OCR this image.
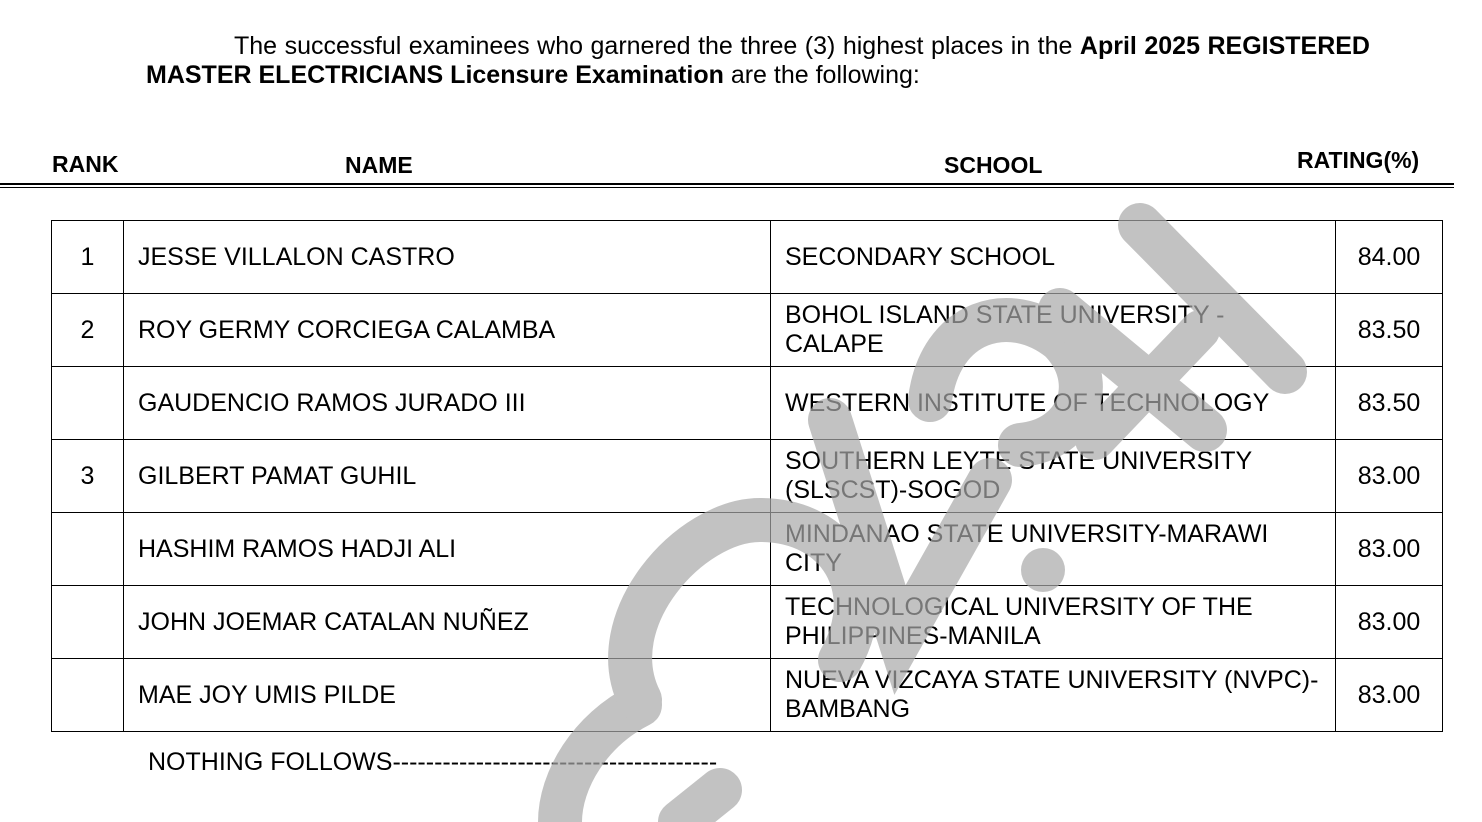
The successful examinees who garnered the three (3) highest places in the April 2025 REGISTERED MASTER ELECTRICIANS Licensure Examination are the following:
RANK	NAME	SCHOOL	RATING(%)
1	JESSE VILLALON CASTRO	SECONDARY SCHOOL	84.00
2	ROY GERMY CORCIEGA CALAMBA	BOHOL ISLAND STATE UNIVERSITY - CALAPE	83.50
	GAUDENCIO RAMOS JURADO III	WESTERN INSTITUTE OF TECHNOLOGY	83.50
3	GILBERT PAMAT GUHIL	SOUTHERN LEYTE STATE UNIVERSITY (SLSCST)-SOGOD	83.00
	HASHIM RAMOS HADJI ALI	MINDANAO STATE UNIVERSITY-MARAWI CITY	83.00
	JOHN JOEMAR CATALAN NUÑEZ	TECHNOLOGICAL UNIVERSITY OF THE PHILIPPINES-MANILA	83.00
	MAE JOY UMIS PILDE	NUEVA VIZCAYA STATE UNIVERSITY (NVPC)-BAMBANG	83.00
NOTHING FOLLOWS---------------------------------------
